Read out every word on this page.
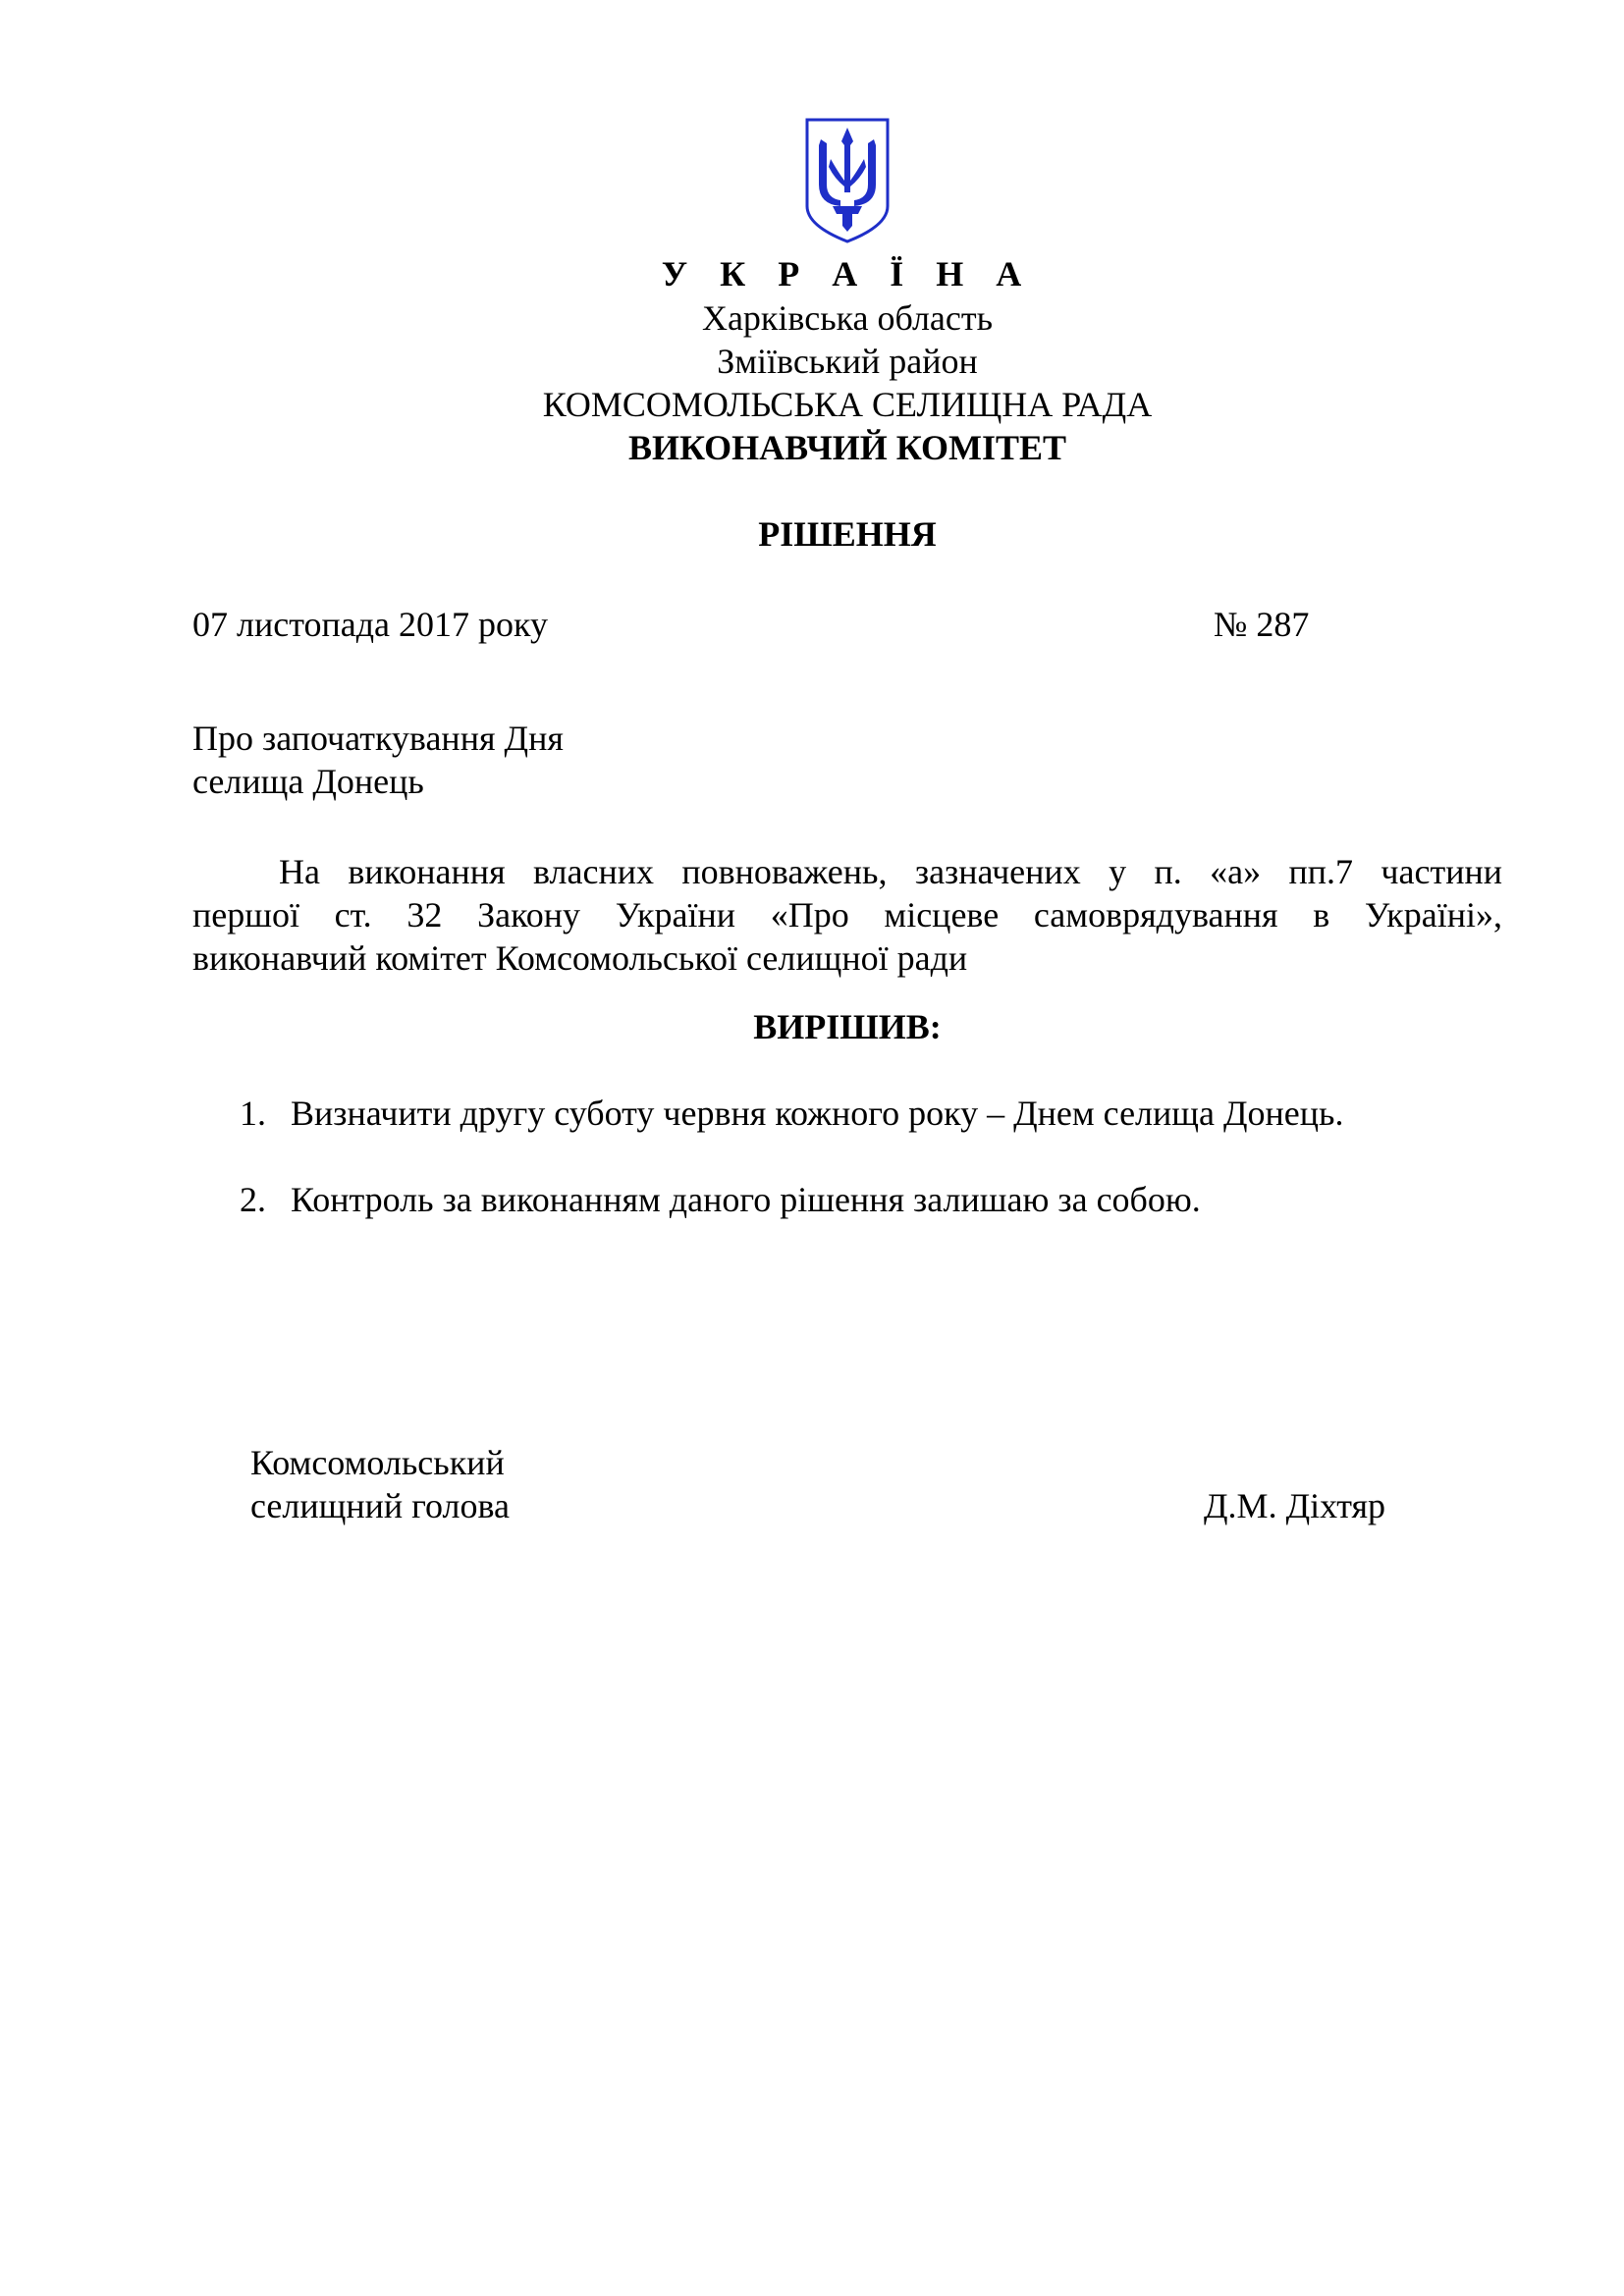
У К Р А Ї Н А
Харківська область
Зміївський район
КОМСОМОЛЬСЬКА СЕЛИЩНА РАДА
ВИКОНАВЧИЙ КОМІТЕТ
РІШЕННЯ
07 листопада 2017 року	№ 287
Про започаткування Дня
селища Донець
На виконання власних повноважень, зазначених у п. «а» пп.7 частини
першої ст. 32 Закону України «Про місцеве самоврядування в Україні»,
виконавчий комітет Комсомольської селищної ради
ВИРІШИВ:
1. Визначити другу суботу червня кожного року – Днем селища Донець.
2. Контроль за виконанням даного рішення залишаю за собою.
Комсомольський
селищний голова	Д.М. Діхтяр
